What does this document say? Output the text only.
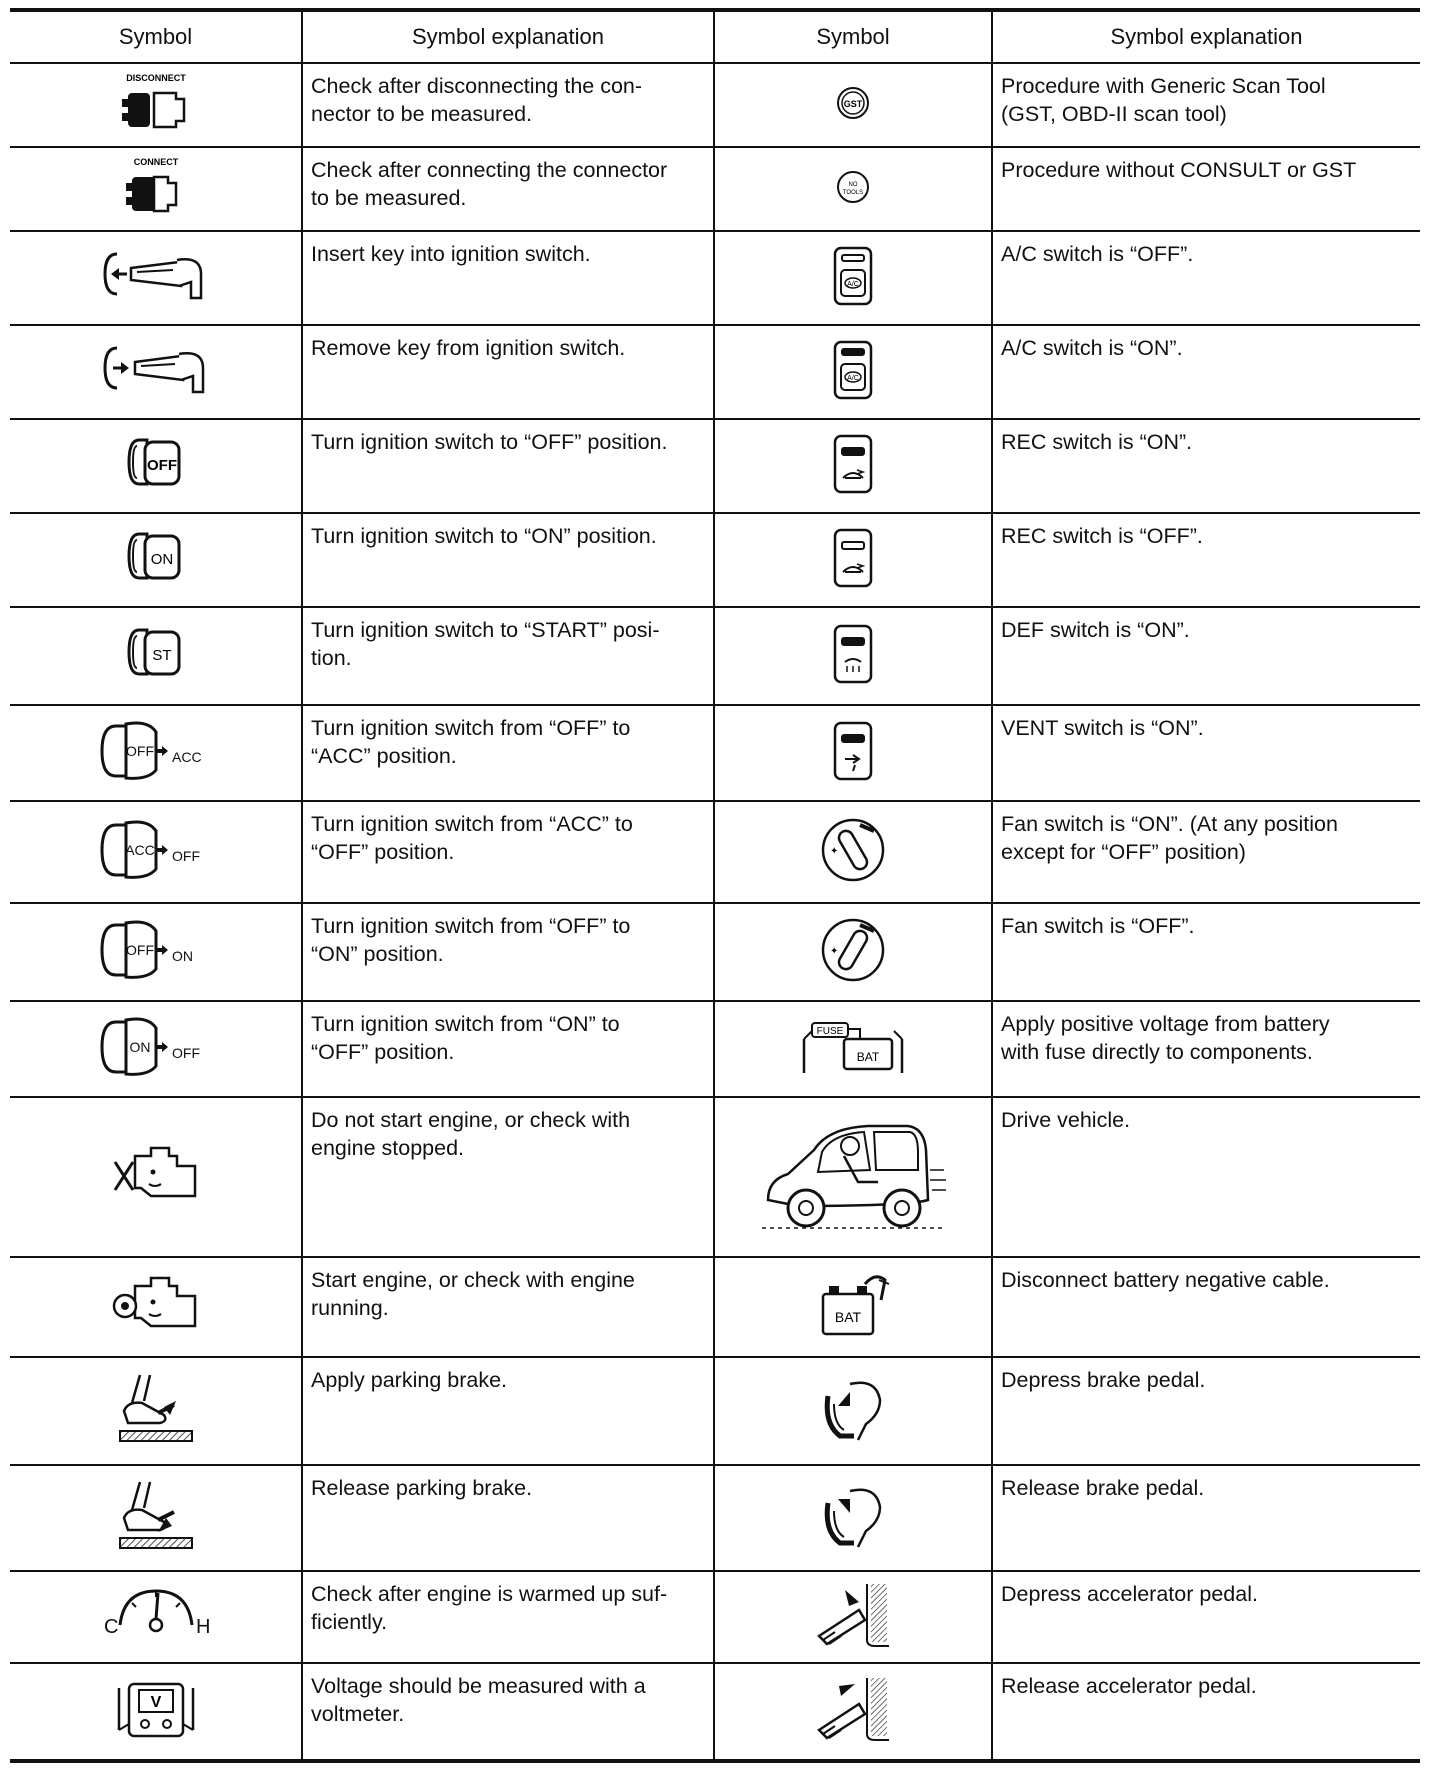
Symbol	Symbol explanation	Symbol	Symbol explanation

DISCONNECT	Check after disconnecting the con-
nector to be measured.	GST	Procedure with Generic Scan Tool
(GST, OBD-II scan tool)

CONNECT	Check after connecting the connector
to be measured.	NO
TOOLS	Procedure without CONSULT or GST

	Insert key into ignition switch.	A/C	A/C switch is “OFF”.

	Remove key from ignition switch.	A/C	A/C switch is “ON”.

OFF	Turn ignition switch to “OFF” position.		REC switch is “ON”.

ON	Turn ignition switch to “ON” position.		REC switch is “OFF”.

ST	Turn ignition switch to “START” posi-
tion.		DEF switch is “ON”.

OFF ACC	Turn ignition switch from “OFF” to
“ACC” position.		VENT switch is “ON”.

ACC OFF	Turn ignition switch from “ACC” to
“OFF” position.	✦	Fan switch is “ON”. (At any position
except for “OFF” position)

OFF ON	Turn ignition switch from “OFF” to
“ON” position.	✦	Fan switch is “OFF”.

ON OFF	Turn ignition switch from “ON” to
“OFF” position.	FUSE
BAT	Apply positive voltage from battery
with fuse directly to components.

	Do not start engine, or check with
engine stopped.		Drive vehicle.

	Start engine, or check with engine
running.	BAT	Disconnect battery negative cable.

	Apply parking brake.		Depress brake pedal.

	Release parking brake.		Release brake pedal.

C H	Check after engine is warmed up suf-
ficiently.		Depress accelerator pedal.

V	Voltage should be measured with a
voltmeter.		Release accelerator pedal.
